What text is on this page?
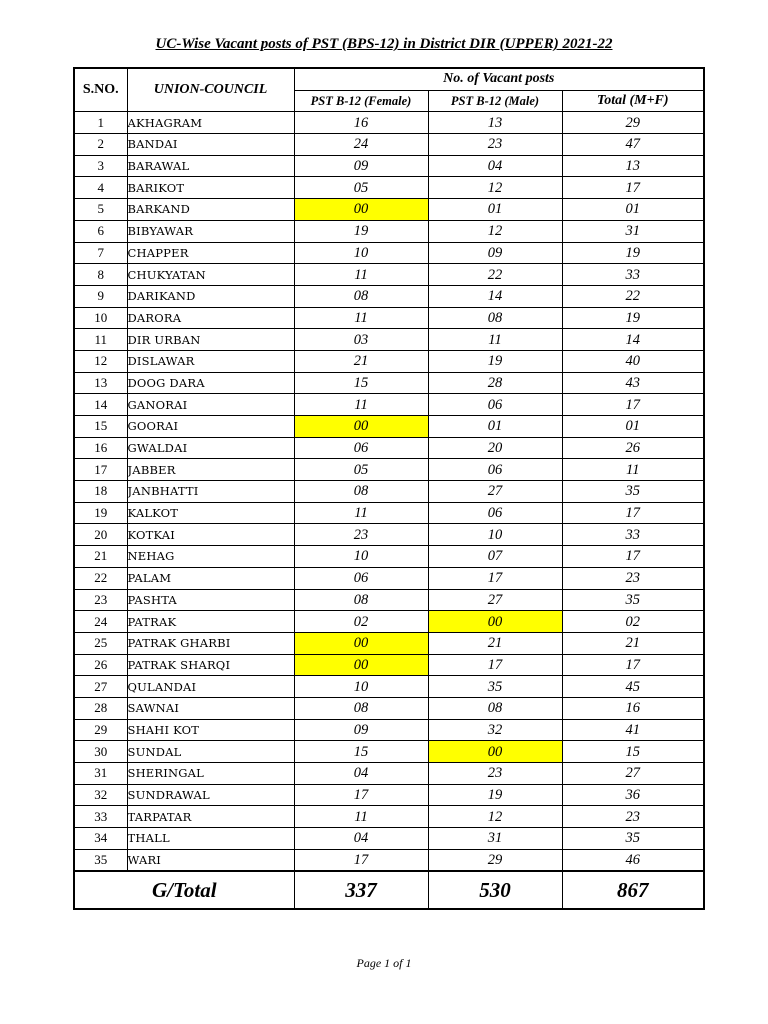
UC-Wise Vacant posts of PST (BPS-12) in District DIR (UPPER) 2021-22
S.NO.	UNION-COUNCIL	No. of Vacant posts		
		PST B-12 (Female)	PST B-12 (Male)	Total (M+F)
1	AKHAGRAM	16	13	29
2	BANDAI	24	23	47
3	BARAWAL	09	04	13
4	BARIKOT	05	12	17
5	BARKAND	00	01	01
6	BIBYAWAR	19	12	31
7	CHAPPER	10	09	19
8	CHUKYATAN	11	22	33
9	DARIKAND	08	14	22
10	DARORA	11	08	19
11	DIR URBAN	03	11	14
12	DISLAWAR	21	19	40
13	DOOG DARA	15	28	43
14	GANORAI	11	06	17
15	GOORAI	00	01	01
16	GWALDAI	06	20	26
17	JABBER	05	06	11
18	JANBHATTI	08	27	35
19	KALKOT	11	06	17
20	KOTKAI	23	10	33
21	NEHAG	10	07	17
22	PALAM	06	17	23
23	PASHTA	08	27	35
24	PATRAK	02	00	02
25	PATRAK GHARBI	00	21	21
26	PATRAK SHARQI	00	17	17
27	QULANDAI	10	35	45
28	SAWNAI	08	08	16
29	SHAHI KOT	09	32	41
30	SUNDAL	15	00	15
31	SHERINGAL	04	23	27
32	SUNDRAWAL	17	19	36
33	TARPATAR	11	12	23
34	THALL	04	31	35
35	WARI	17	29	46
G/Total		337	530	867
Page 1 of 1
